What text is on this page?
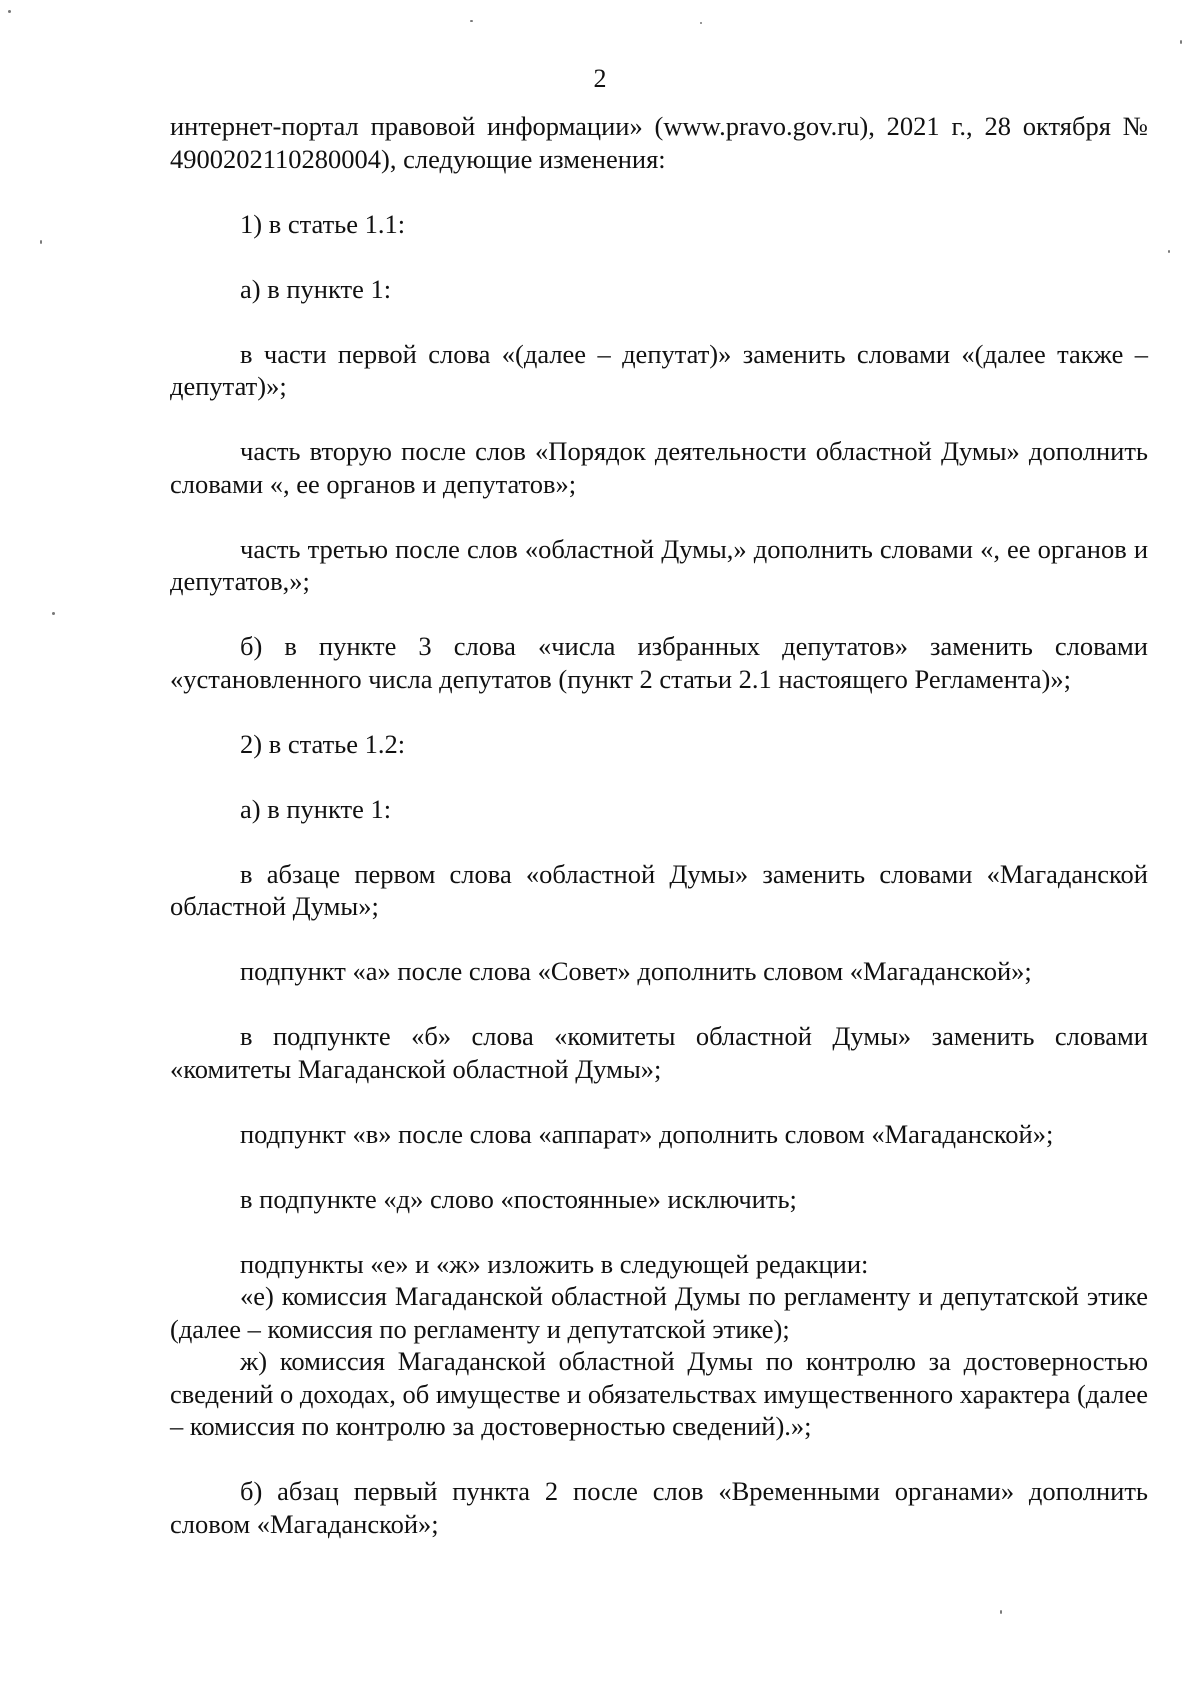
2

интернет-портал правовой информации» (www.pravo.gov.ru), 2021 г., 28 октября № 4900202110280004), следующие изменения:

1) в статье 1.1:

а) в пункте 1:

в части первой слова «(далее – депутат)» заменить словами «(далее также – депутат)»;

часть вторую после слов «Порядок деятельности областной Думы» дополнить словами «, ее органов и депутатов»;

часть третью после слов «областной Думы,» дополнить словами «, ее органов и депутатов,»;

б) в пункте 3 слова «числа избранных депутатов» заменить словами «установленного числа депутатов (пункт 2 статьи 2.1 настоящего Регламента)»;

2) в статье 1.2:

а) в пункте 1:

в абзаце первом слова «областной Думы» заменить словами «Магаданской областной Думы»;

подпункт «а» после слова «Совет» дополнить словом «Магаданской»;

в подпункте «б» слова «комитеты областной Думы» заменить словами «комитеты Магаданской областной Думы»;

подпункт «в» после слова «аппарат» дополнить словом «Магаданской»;

в подпункте «д» слово «постоянные» исключить;

подпункты «е» и «ж» изложить в следующей редакции:

«е) комиссия Магаданской областной Думы по регламенту и депутатской этике (далее – комиссия по регламенту и депутатской этике);

ж) комиссия Магаданской областной Думы по контролю за достоверностью сведений о доходах, об имуществе и обязательствах имущественного характера (далее – комиссия по контролю за достоверностью сведений).»;

б) абзац первый пункта 2 после слов «Временными органами» дополнить словом «Магаданской»;
